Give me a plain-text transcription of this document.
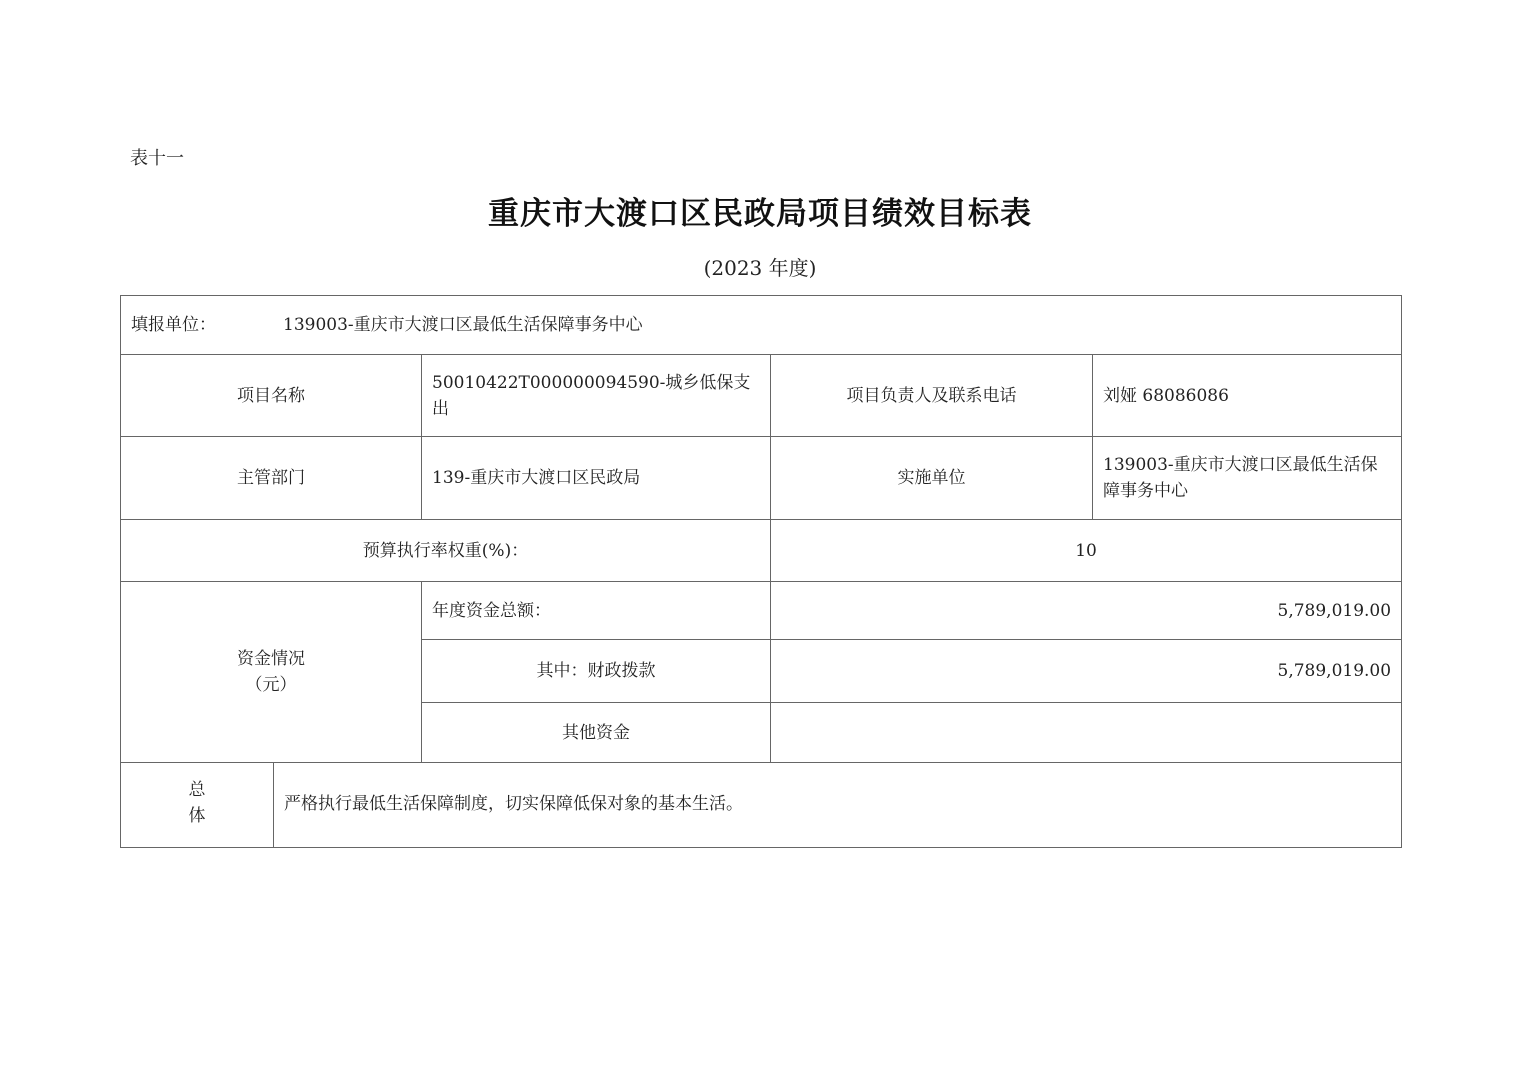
表十一
重庆市大渡口区民政局项目绩效目标表
(2023 年度)
填报单位： 139003-重庆市大渡口区最低生活保障事务中心				
项目名称		50010422T000000094590-城乡低保支出	项目负责人及联系电话	刘娅 68086086
主管部门		139-重庆市大渡口区民政局	实施单位	139003-重庆市大渡口区最低生活保障事务中心
预算执行率权重(%)：			10	

资金情况
（元）		年度资金总额：	5,789,019.00	
		其中：财政拨款	5,789,019.00	
		其他资金		

总
体	严格执行最低生活保障制度，切实保障低保对象的基本生活。			
